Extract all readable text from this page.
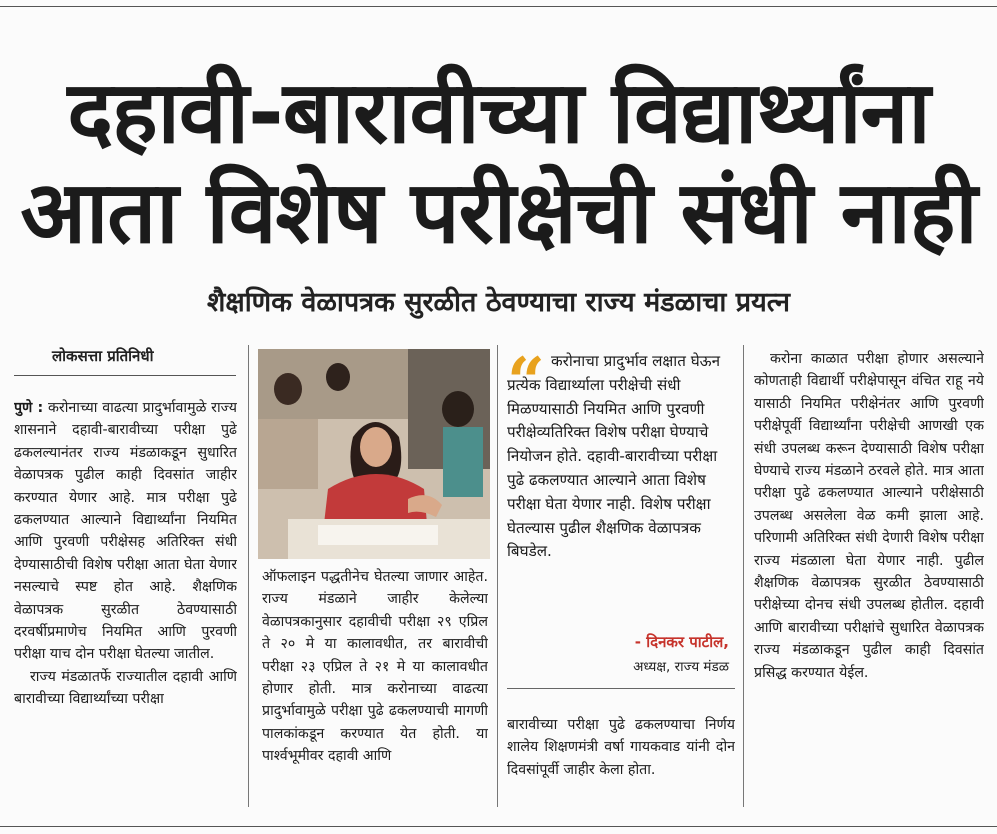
दहावी-बारावीच्या विद्यार्थ्यांना
आता विशेष परीक्षेची संधी नाही
शैक्षणिक वेळापत्रक सुरळीत ठेवण्याचा राज्य मंडळाचा प्रयत्न
लोकसत्ता प्रतिनिधी

पुणे : करोनाच्या वाढत्या प्रादुर्भावामुळे राज्य शासनाने दहावी-बारावीच्या परीक्षा पुढे ढकलल्यानंतर राज्य मंडळाकडून सुधारित वेळापत्रक पुढील काही दिवसांत जाहीर करण्यात येणार आहे. मात्र परीक्षा पुढे ढकलण्यात आल्याने विद्यार्थ्यांना नियमित आणि पुरवणी परीक्षेसह अतिरिक्त संधी देण्यासाठीची विशेष परीक्षा आता घेता येणार नसल्याचे स्पष्ट होत आहे. शैक्षणिक वेळापत्रक सुरळीत ठेवण्यासाठी दरवर्षीप्रमाणेच नियमित आणि पुरवणी परीक्षा याच दोन परीक्षा घेतल्या जातील.

राज्य मंडळातर्फे राज्यातील दहावी आणि बारावीच्या विद्यार्थ्यांच्या परीक्षा

ऑफलाइन पद्धतीनेच घेतल्या जाणार आहेत. राज्य मंडळाने जाहीर केलेल्या वेळापत्रकानुसार दहावीची परीक्षा २९ एप्रिल ते २० मे या कालावधीत, तर बारावीची परीक्षा २३ एप्रिल ते २१ मे या कालावधीत होणार होती. मात्र करोनाच्या वाढत्या प्रादुर्भावामुळे परीक्षा पुढे ढकलण्याची मागणी पालकांकडून करण्यात येत होती. या पार्श्वभूमीवर दहावी आणि

“ करोनाचा प्रादुर्भाव लक्षात घेऊन प्रत्येक विद्यार्थ्याला परीक्षेची संधी मिळण्यासाठी नियमित आणि पुरवणी परीक्षेव्यतिरिक्त विशेष परीक्षा घेण्याचे नियोजन होते. दहावी-बारावीच्या परीक्षा पुढे ढकलण्यात आल्याने आता विशेष परीक्षा घेता येणार नाही. विशेष परीक्षा घेतल्यास पुढील शैक्षणिक वेळापत्रक बिघडेल.

- दिनकर पाटील,
अध्यक्ष, राज्य मंडळ

बारावीच्या परीक्षा पुढे ढकलण्याचा निर्णय शालेय शिक्षणमंत्री वर्षा गायकवाड यांनी दोन दिवसांपूर्वी जाहीर केला होता.

करोना काळात परीक्षा होणार असल्याने कोणताही विद्यार्थी परीक्षेपासून वंचित राहू नये यासाठी नियमित परीक्षेनंतर आणि पुरवणी परीक्षेपूर्वी विद्यार्थ्यांना परीक्षेची आणखी एक संधी उपलब्ध करून देण्यासाठी विशेष परीक्षा घेण्याचे राज्य मंडळाने ठरवले होते. मात्र आता परीक्षा पुढे ढकलण्यात आल्याने परीक्षेसाठी उपलब्ध असलेला वेळ कमी झाला आहे. परिणामी अतिरिक्त संधी देणारी विशेष परीक्षा राज्य मंडळाला घेता येणार नाही. पुढील शैक्षणिक वेळापत्रक सुरळीत ठेवण्यासाठी परीक्षेच्या दोनच संधी उपलब्ध होतील. दहावी आणि बारावीच्या परीक्षांचे सुधारित वेळापत्रक राज्य मंडळाकडून पुढील काही दिवसांत प्रसिद्ध करण्यात येईल.
